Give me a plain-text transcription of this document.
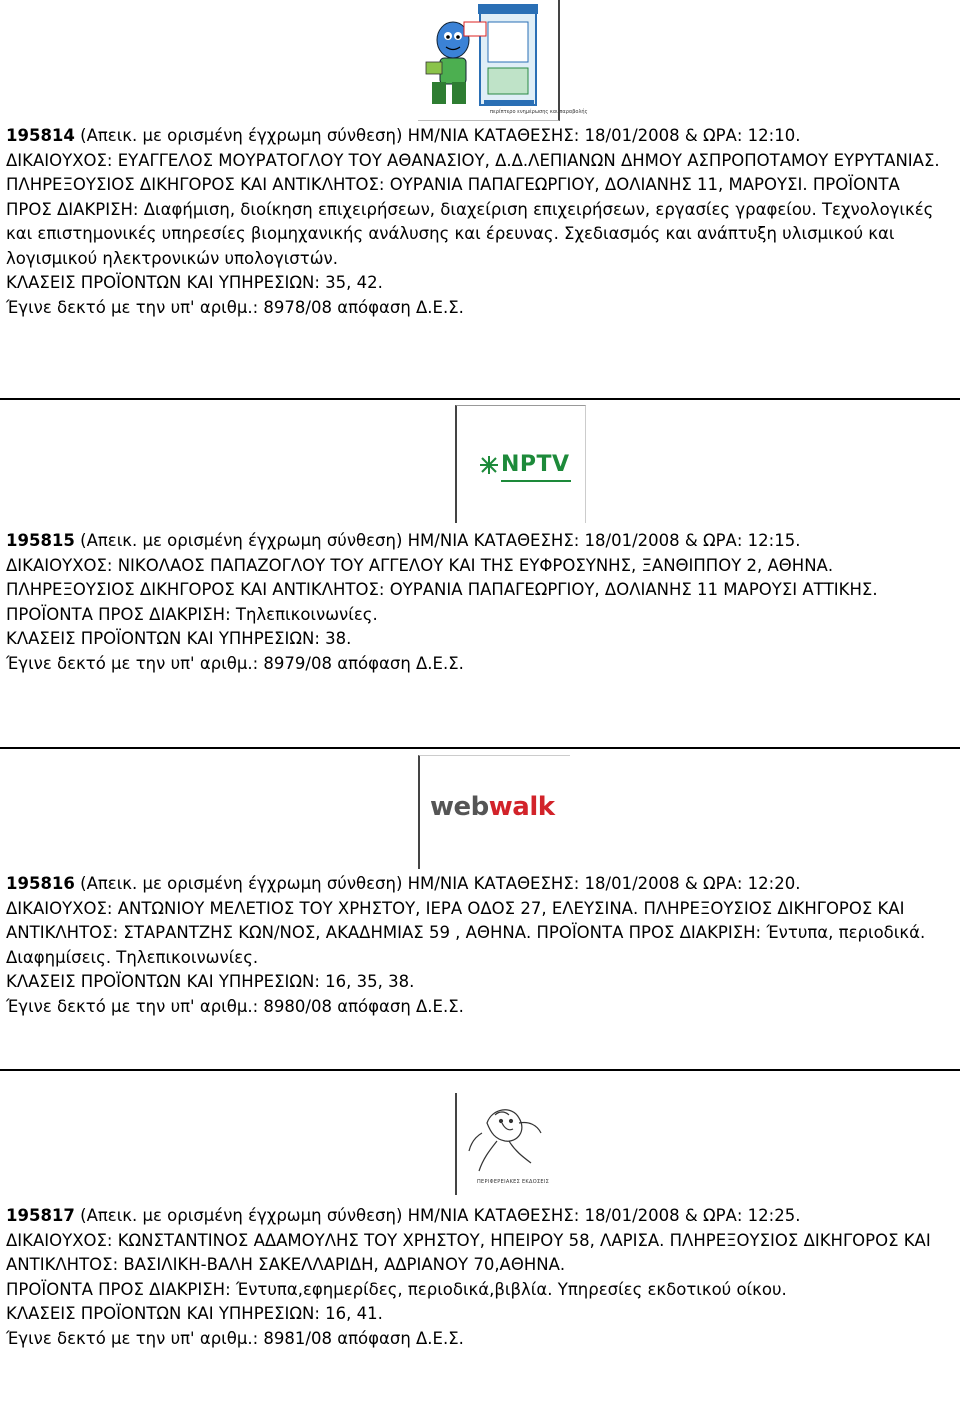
περίπτερο ενημέρωσης και παραβολής

195814 (Απεικ. με ορισμένη έγχρωμη σύνθεση) ΗΜ/ΝΙΑ ΚΑΤΑΘΕΣΗΣ: 18/01/2008 & ΩΡΑ: 12:10.

ΔΙΚΑΙΟΥΧΟΣ: ΕΥΑΓΓΕΛΟΣ ΜΟΥΡΑΤΟΓΛΟΥ ΤΟΥ ΑΘΑΝΑΣΙΟΥ, Δ.Δ.ΛΕΠΙΑΝΩΝ ΔΗΜΟΥ ΑΣΠΡΟΠΟΤΑΜΟΥ ΕΥΡΥΤΑΝΙΑΣ. ΠΛΗΡΕΞΟΥΣΙΟΣ ΔΙΚΗΓΟΡΟΣ ΚΑΙ ΑΝΤΙΚΛΗΤΟΣ: ΟΥΡΑΝΙΑ ΠΑΠΑΓΕΩΡΓΙΟΥ, ΔΟΛΙΑΝΗΣ 11, ΜΑΡΟΥΣΙ. ΠΡΟΪΟΝΤΑ ΠΡΟΣ ΔΙΑΚΡΙΣΗ: Διαφήμιση, διοίκηση επιχειρήσεων, διαχείριση επιχειρήσεων, εργασίες γραφείου. Τεχνολογικές και επιστημονικές υπηρεσίες βιομηχανικής ανάλυσης και έρευνας. Σχεδιασμός και ανάπτυξη υλισμικού και λογισμικού ηλεκτρονικών υπολογιστών.

ΚΛΑΣΕΙΣ ΠΡΟΪΟΝΤΩΝ ΚΑΙ ΥΠΗΡΕΣΙΩΝ: 35, 42.

Έγινε δεκτό με την υπ' αριθμ.: 8978/08 απόφαση Δ.Ε.Σ.

NPTV

195815 (Απεικ. με ορισμένη έγχρωμη σύνθεση) ΗΜ/ΝΙΑ ΚΑΤΑΘΕΣΗΣ: 18/01/2008 & ΩΡΑ: 12:15.

ΔΙΚΑΙΟΥΧΟΣ: ΝΙΚΟΛΑΟΣ ΠΑΠΑΖΟΓΛΟΥ ΤΟΥ ΑΓΓΕΛΟΥ ΚΑΙ ΤΗΣ ΕΥΦΡΟΣΥΝΗΣ, ΞΑΝΘΙΠΠΟΥ 2, ΑΘΗΝΑ. ΠΛΗΡΕΞΟΥΣΙΟΣ ΔΙΚΗΓΟΡΟΣ ΚΑΙ ΑΝΤΙΚΛΗΤΟΣ: ΟΥΡΑΝΙΑ ΠΑΠΑΓΕΩΡΓΙΟΥ, ΔΟΛΙΑΝΗΣ 11 ΜΑΡΟΥΣΙ ΑΤΤΙΚΗΣ.

ΠΡΟΪΟΝΤΑ ΠΡΟΣ ΔΙΑΚΡΙΣΗ: Τηλεπικοινωνίες.

ΚΛΑΣΕΙΣ ΠΡΟΪΟΝΤΩΝ ΚΑΙ ΥΠΗΡΕΣΙΩΝ: 38.

Έγινε δεκτό με την υπ' αριθμ.: 8979/08 απόφαση Δ.Ε.Σ.

webwalk

195816 (Απεικ. με ορισμένη έγχρωμη σύνθεση) ΗΜ/ΝΙΑ ΚΑΤΑΘΕΣΗΣ: 18/01/2008 & ΩΡΑ: 12:20.

ΔΙΚΑΙΟΥΧΟΣ: ΑΝΤΩΝΙΟΥ ΜΕΛΕΤΙΟΣ ΤΟΥ ΧΡΗΣΤΟΥ, ΙΕΡΑ ΟΔΟΣ 27, ΕΛΕΥΣΙΝΑ. ΠΛΗΡΕΞΟΥΣΙΟΣ ΔΙΚΗΓΟΡΟΣ ΚΑΙ ΑΝΤΙΚΛΗΤΟΣ: ΣΤΑΡΑΝΤΖΗΣ ΚΩΝ/ΝΟΣ, ΑΚΑΔΗΜΙΑΣ 59 , ΑΘΗΝΑ. ΠΡΟΪΟΝΤΑ ΠΡΟΣ ΔΙΑΚΡΙΣΗ: Έντυπα, περιοδικά. Διαφημίσεις. Τηλεπικοινωνίες.

ΚΛΑΣΕΙΣ ΠΡΟΪΟΝΤΩΝ ΚΑΙ ΥΠΗΡΕΣΙΩΝ: 16, 35, 38.

Έγινε δεκτό με την υπ' αριθμ.: 8980/08 απόφαση Δ.Ε.Σ.

ΠΕΡΙΦΕΡΕΙΑΚΕΣ ΕΚΔΟΣΕΙΣ

195817 (Απεικ. με ορισμένη έγχρωμη σύνθεση) ΗΜ/ΝΙΑ ΚΑΤΑΘΕΣΗΣ: 18/01/2008 & ΩΡΑ: 12:25.

ΔΙΚΑΙΟΥΧΟΣ: ΚΩΝΣΤΑΝΤΙΝΟΣ ΑΔΑΜΟΥΛΗΣ ΤΟΥ ΧΡΗΣΤΟΥ, ΗΠΕΙΡΟΥ 58, ΛΑΡΙΣΑ. ΠΛΗΡΕΞΟΥΣΙΟΣ ΔΙΚΗΓΟΡΟΣ ΚΑΙ ΑΝΤΙΚΛΗΤΟΣ: ΒΑΣΙΛΙΚΗ-ΒΑΛΗ ΣΑΚΕΛΛΑΡΙΔΗ, ΑΔΡΙΑΝΟΥ 70,ΑΘΗΝΑ.

ΠΡΟΪΟΝΤΑ ΠΡΟΣ ΔΙΑΚΡΙΣΗ: Έντυπα,εφημερίδες, περιοδικά,βιβλία. Υπηρεσίες εκδοτικού οίκου.

ΚΛΑΣΕΙΣ ΠΡΟΪΟΝΤΩΝ ΚΑΙ ΥΠΗΡΕΣΙΩΝ: 16, 41.

Έγινε δεκτό με την υπ' αριθμ.: 8981/08 απόφαση Δ.Ε.Σ.
